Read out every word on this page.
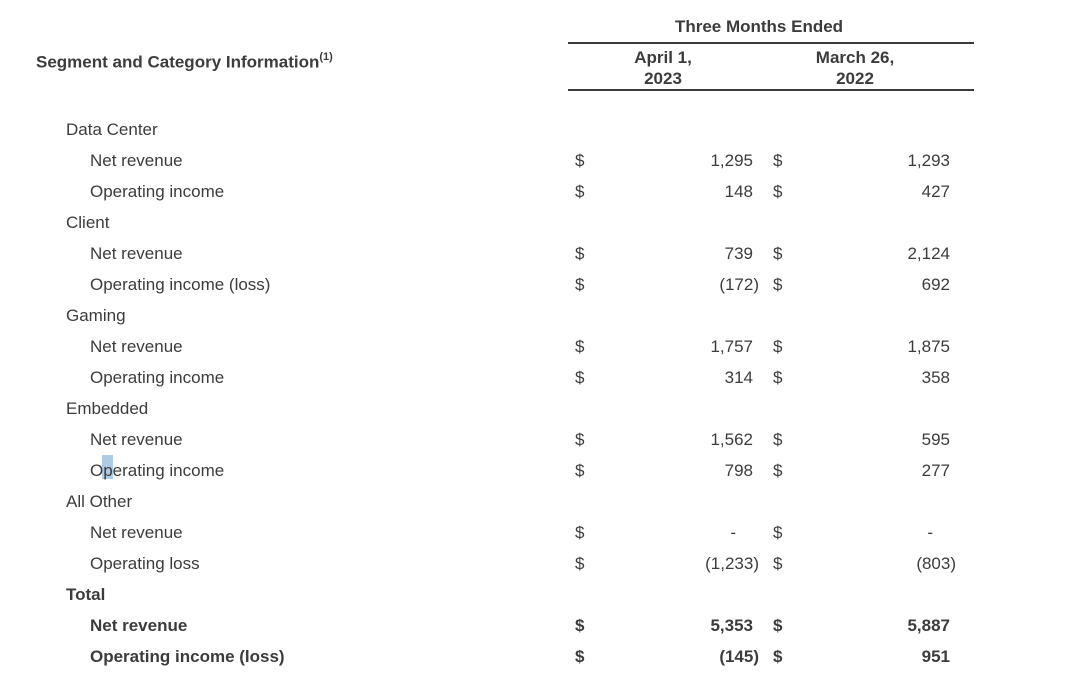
Segment and Category Information$^{(1)}$
Three Months Ended
April 1,
2023
March 26,
2022
Data Center
Net revenue	$	1,295 $	1,293
Operating income	$	148 $	427
Client
Net revenue	$	739 $	2,124
Operating income (loss)	$	(172) $	692
Gaming
Net revenue	$	1,757 $	1,875
Operating income	$	314 $	358
Embedded
Net revenue	$	1,562 $	595
Operating income	$	798 $	277
All Other
Net revenue	$	-	$	-
Operating loss	$	(1,233) $	(803)
Total
Net revenue	$	5,353 $	5,887
Operating income (loss)	$	(145) $	951
